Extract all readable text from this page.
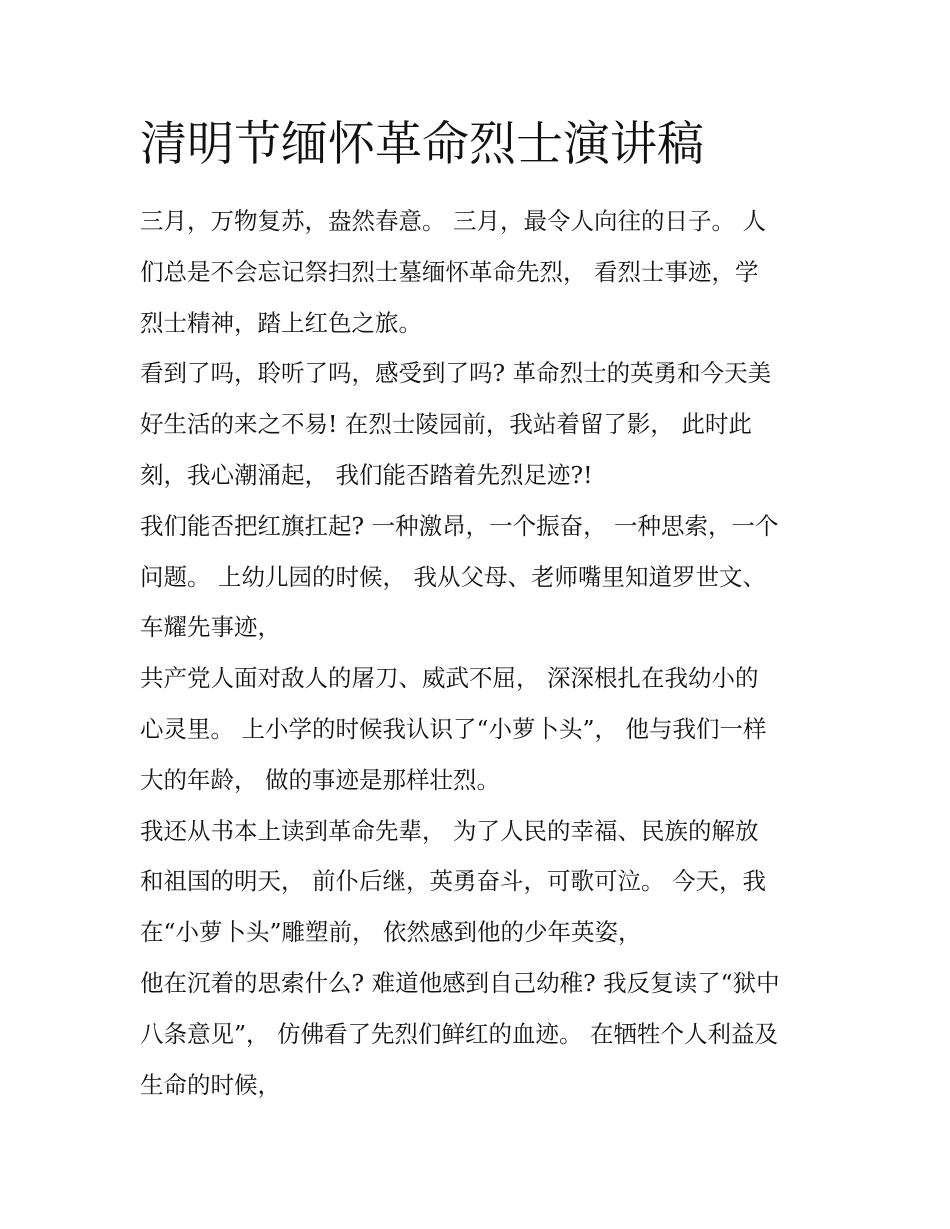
清明节缅怀革命烈士演讲稿

三月，万物复苏，盎然春意。 三月，最令人向往的日子。 人
们总是不会忘记祭扫烈士墓缅怀革命先烈， 看烈士事迹，学
烈士精神，踏上红色之旅。

看到了吗，聆听了吗，感受到了吗? 革命烈士的英勇和今天美
好生活的来之不易! 在烈士陵园前，我站着留了影， 此时此
刻，我心潮涌起， 我们能否踏着先烈足迹?!

我们能否把红旗扛起? 一种激昂，一个振奋， 一种思索，一个
问题。 上幼儿园的时候， 我从父母、老师嘴里知道罗世文、
车耀先事迹，

共产党人面对敌人的屠刀、威武不屈， 深深根扎在我幼小的
心灵里。 上小学的时候我认识了“小萝卜头”， 他与我们一样
大的年龄， 做的事迹是那样壮烈。

我还从书本上读到革命先辈， 为了人民的幸福、民族的解放
和祖国的明天， 前仆后继，英勇奋斗，可歌可泣。 今天，我
在“小萝卜头”雕塑前， 依然感到他的少年英姿，

他在沉着的思索什么? 难道他感到自己幼稚? 我反复读了“狱中
八条意见”， 仿佛看了先烈们鲜红的血迹。 在牺牲个人利益及
生命的时候，
